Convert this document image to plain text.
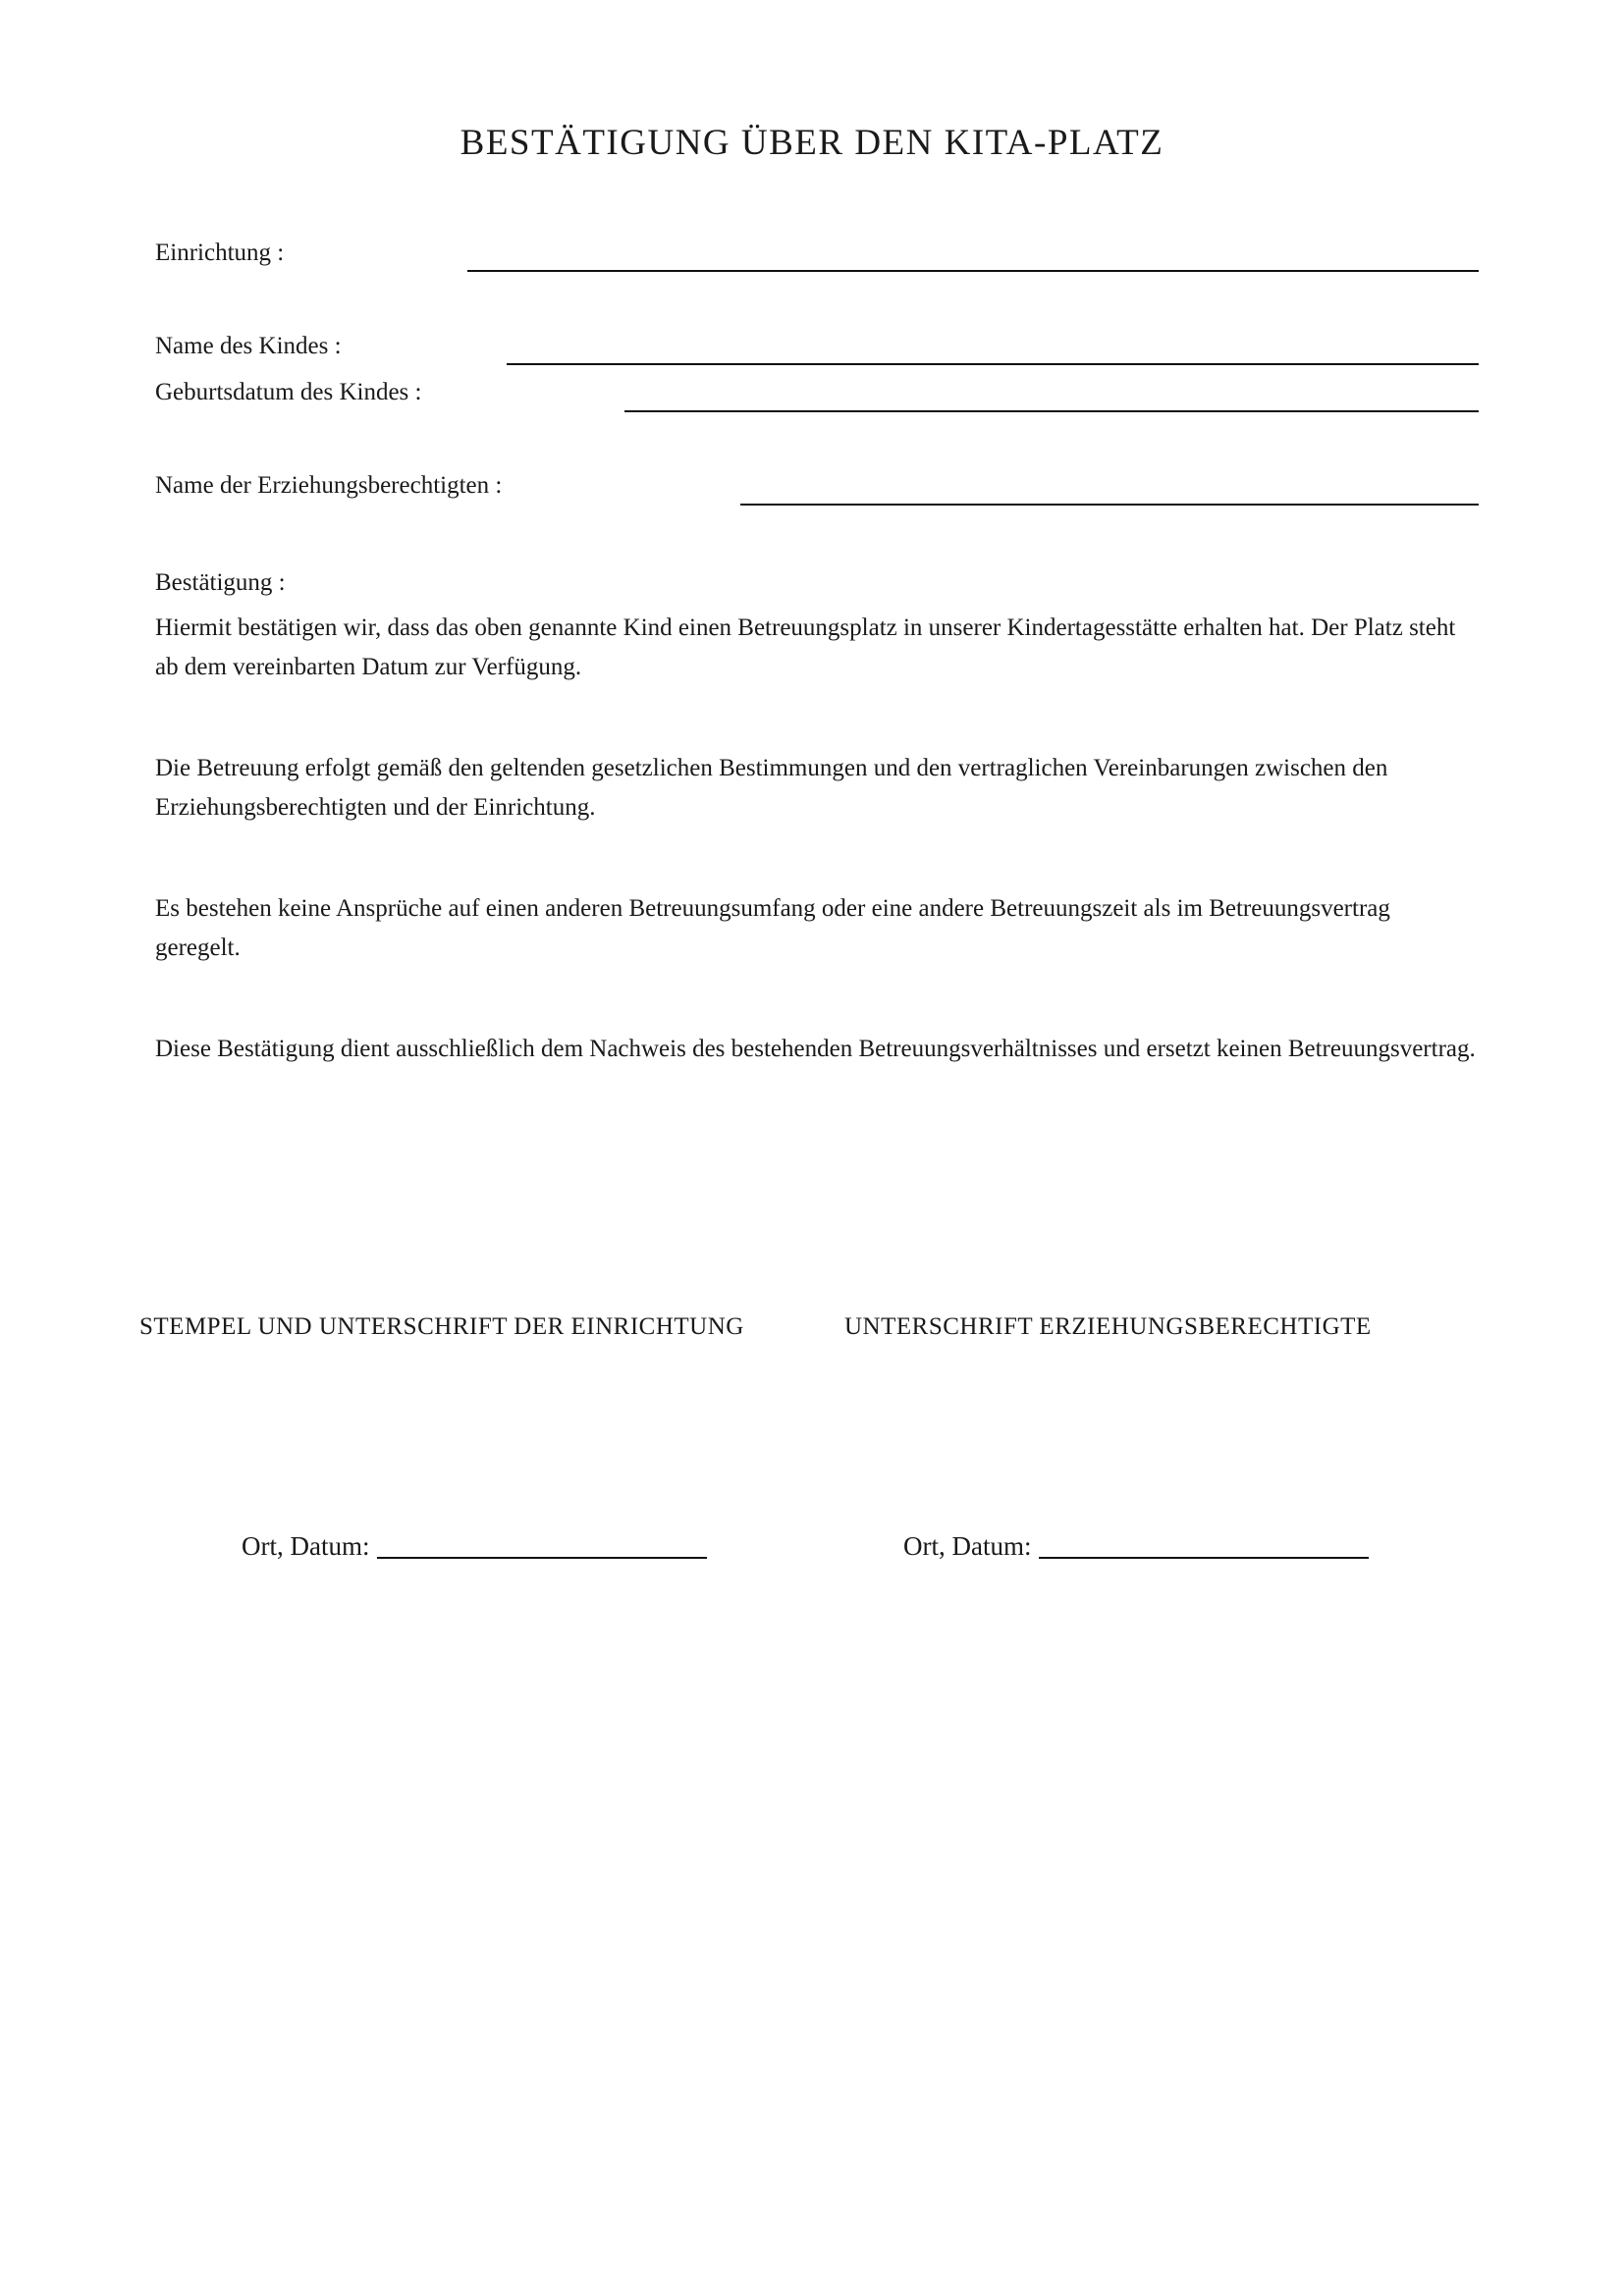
BESTÄTIGUNG ÜBER DEN KITA-PLATZ
Einrichtung :
Name des Kindes :
Geburtsdatum des Kindes :
Name der Erziehungsberechtigten :
Bestätigung :

Hiermit bestätigen wir, dass das oben genannte Kind einen Betreuungsplatz in unserer Kindertagesstätte erhalten hat. Der Platz steht ab dem vereinbarten Datum zur Verfügung.

Die Betreuung erfolgt gemäß den geltenden gesetzlichen Bestimmungen und den vertraglichen Vereinbarungen zwischen den Erziehungsberechtigten und der Einrichtung.

Es bestehen keine Ansprüche auf einen anderen Betreuungsumfang oder eine andere Betreuungszeit als im Betreuungsvertrag geregelt.

Diese Bestätigung dient ausschließlich dem Nachweis des bestehenden Betreuungsverhältnisses und ersetzt keinen Betreuungsvertrag.

STEMPEL UND UNTERSCHRIFT DER EINRICHTUNG	UNTERSCHRIFT ERZIEHUNGSBERECHTIGTE
Ort, Datum:	Ort, Datum:
